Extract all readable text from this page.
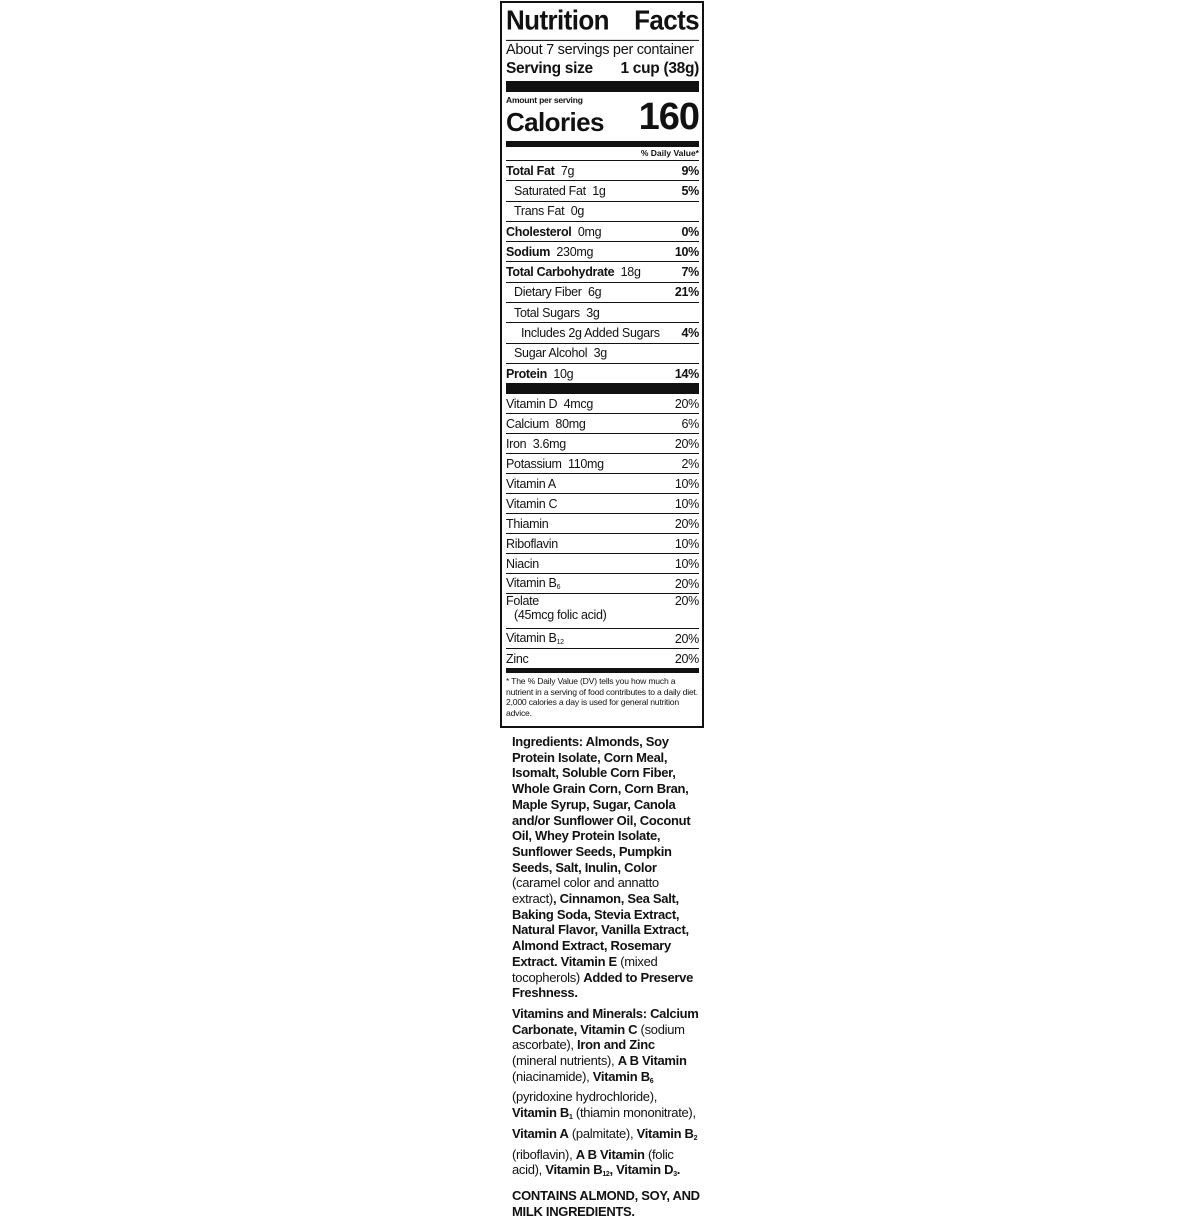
Nutrition Facts
About 7 servings per container
Serving size 1 cup (38g)
Amount per serving
Calories 160
% Daily Value*
Total Fat 7g	9%
Saturated Fat 1g	5%
Trans Fat 0g
Cholesterol 0mg	0%
Sodium 230mg	10%
Total Carbohydrate 18g	7%
Dietary Fiber 6g	21%
Total Sugars 3g
Includes 2g Added Sugars 4%
Sugar Alcohol 3g
Protein 10g	14%
Vitamin D 4mcg	20%
Calcium 80mg	6%
Iron 3.6mg	20%
Potassium 110mg	2%
Vitamin A	10%
Vitamin C	10%
Thiamin	20%
Riboflavin	10%
Niacin	10%
Vitamin $B_6$	20%
Folate
(45mcg folic acid)
20%
Vitamin $B_{12}$	20%
Zinc	20%
* The % Daily Value (DV) tells you how much a nutrient in a serving of food contributes to a daily diet. 2,000 calories a day is used for general nutrition advice.

Ingredients: Almonds, Soy Protein Isolate, Corn Meal, Isomalt, Soluble Corn Fiber, Whole Grain Corn, Corn Bran, Maple Syrup, Sugar, Canola and/or Sunflower Oil, Coconut Oil, Whey Protein Isolate, Sunflower Seeds, Pumpkin Seeds, Salt, Inulin, Color (caramel color and annatto extract), Cinnamon, Sea Salt, Baking Soda, Stevia Extract, Natural Flavor, Vanilla Extract, Almond Extract, Rosemary Extract. Vitamin E (mixed tocopherols) Added to Preserve Freshness.

Vitamins and Minerals: Calcium Carbonate, Vitamin C (sodium ascorbate), Iron and Zinc (mineral nutrients), A B Vitamin (niacinamide), Vitamin $B_6$ (pyridoxine hydrochloride), Vitamin $B_1$ (thiamin mononitrate), Vitamin A (palmitate), Vitamin $B_2$ (riboflavin), A B Vitamin (folic acid), Vitamin $B_{12}$, Vitamin $D_3$.

CONTAINS ALMOND, SOY, AND MILK INGREDIENTS.
